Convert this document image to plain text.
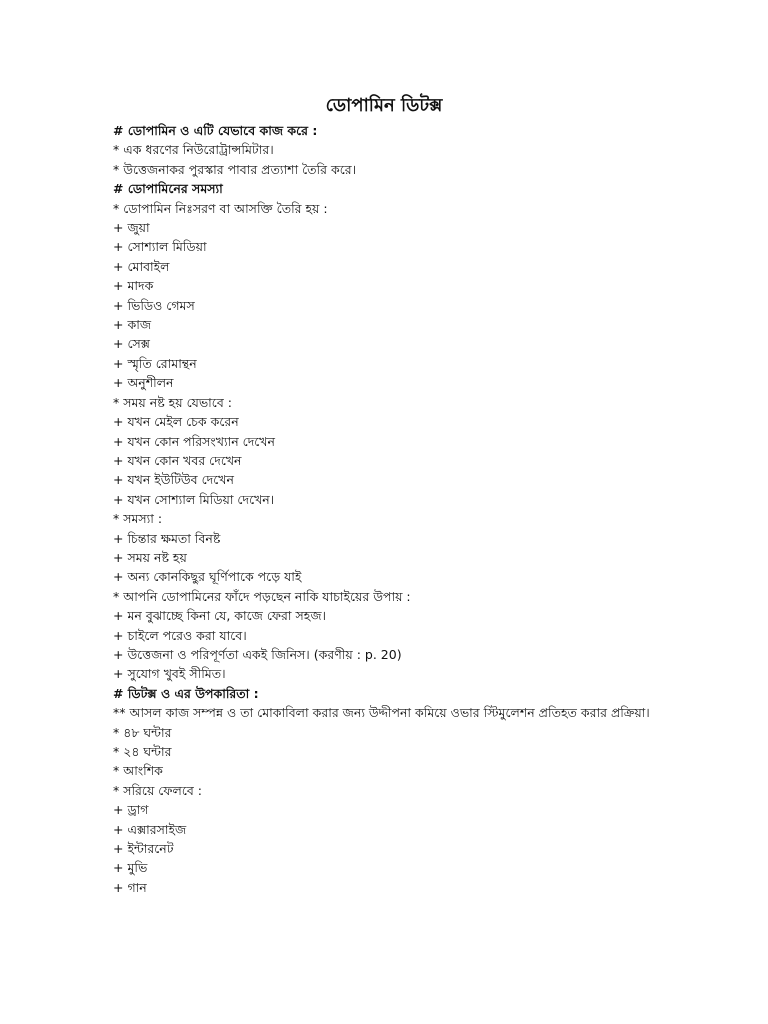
ডোপামিন ডিটক্স
# ডোপামিন ও এটি যেভাবে কাজ করে :
* এক ধরণের নিউরোট্রান্সমিটার।
* উত্তেজনাকর পুরস্কার পাবার প্রত্যাশা তৈরি করে।
# ডোপামিনের সমস্যা
* ডোপামিন নিঃসরণ বা আসক্তি তৈরি হয় :
+ জুয়া
+ সোশ্যাল মিডিয়া
+ মোবাইল
+ মাদক
+ ভিডিও গেমস
+ কাজ
+ সেক্স
+ স্মৃতি রোমান্থন
+ অনুশীলন
* সময় নষ্ট হয় যেভাবে :
+ যখন মেইল চেক করেন
+ যখন কোন পরিসংখ্যান দেখেন
+ যখন কোন খবর দেখেন
+ যখন ইউটিউব দেখেন
+ যখন সোশ্যাল মিডিয়া দেখেন।
* সমস্যা :
+ চিন্তার ক্ষমতা বিনষ্ট
+ সময় নষ্ট হয়
+ অন্য কোনকিছুর ঘূর্ণিপাকে পড়ে যাই
* আপনি ডোপামিনের ফাঁদে পড়ছেন নাকি যাচাইয়ের উপায় :
+ মন বুঝাচ্ছে কিনা যে, কাজে ফেরা সহজ।
+ চাইলে পরেও করা যাবে।
+ উত্তেজনা ও পরিপূর্ণতা একই জিনিস। (করণীয় : p. 20)
+ সুযোগ খুবই সীমিত।
# ডিটক্স ও এর উপকারিতা :
** আসল কাজ সম্পন্ন ও তা মোকাবিলা করার জন্য উদ্দীপনা কমিয়ে ওভার স্টিমুলেশন প্রতিহত করার প্রক্রিয়া।
* ৪৮ ঘন্টার
* ২৪ ঘন্টার
* আংশিক
* সরিয়ে ফেলবে :
+ ড্রাগ
+ এক্সারসাইজ
+ ইন্টারনেট
+ মুভি
+ গান
